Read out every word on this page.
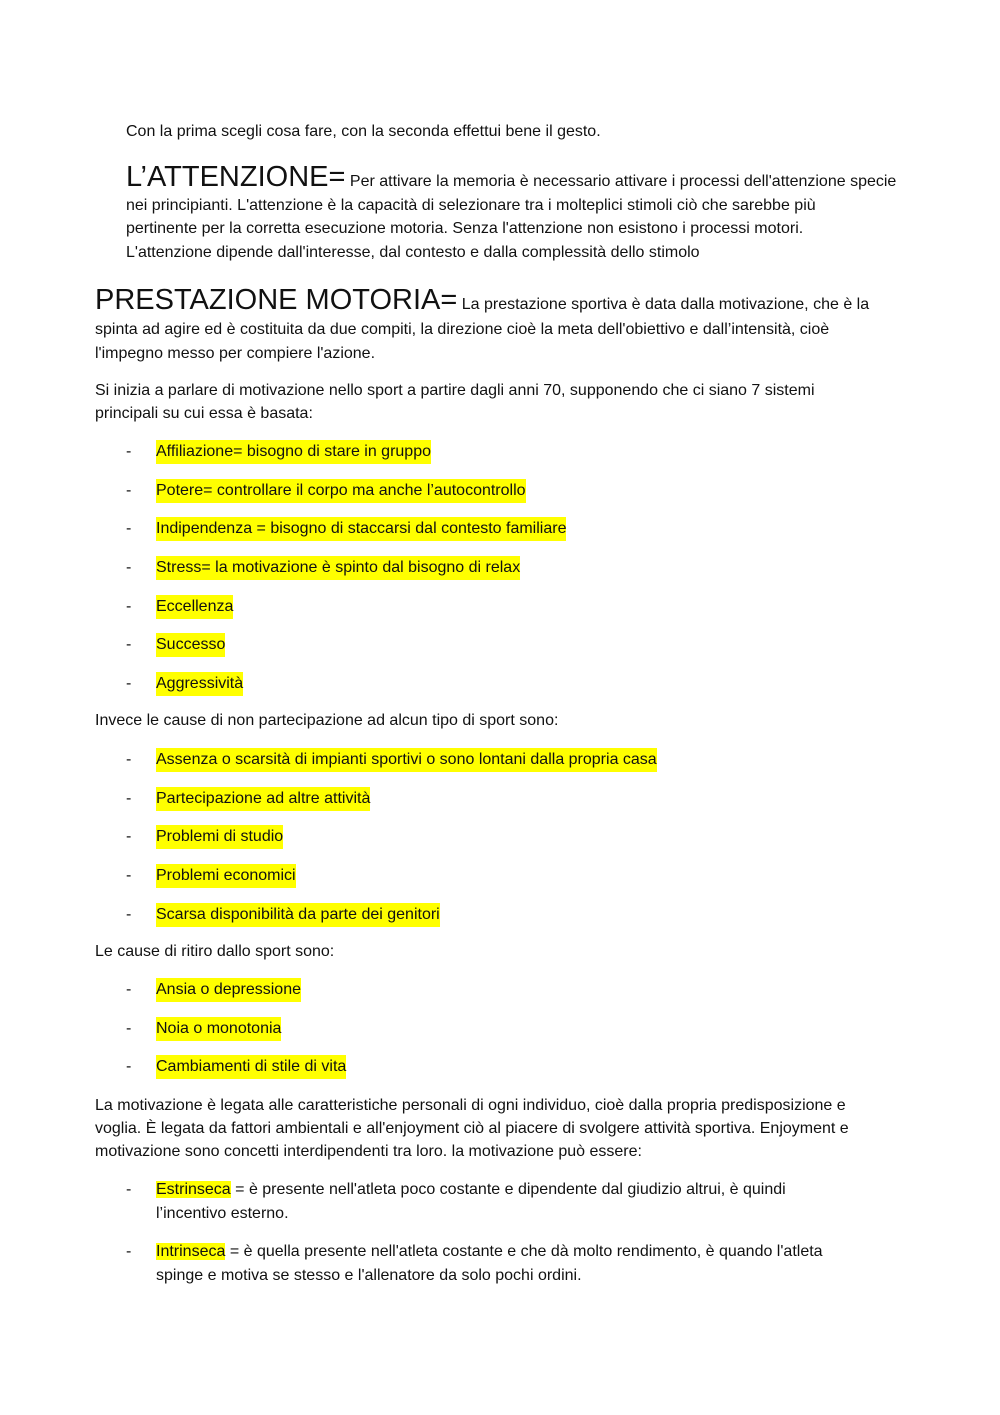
Con la prima scegli cosa fare, con la seconda effettui bene il gesto.
L’ATTENZIONE= Per attivare la memoria è necessario attivare i processi dell'attenzione specie
nei principianti. L'attenzione è la capacità di selezionare tra i molteplici stimoli ciò che sarebbe più
pertinente per la corretta esecuzione motoria. Senza l'attenzione non esistono i processi motori.
L'attenzione dipende dall'interesse, dal contesto e dalla complessità dello stimolo
PRESTAZIONE MOTORIA= La prestazione sportiva è data dalla motivazione, che è la
spinta ad agire ed è costituita da due compiti, la direzione cioè la meta dell'obiettivo e dall’intensità, cioè
l'impegno messo per compiere l'azione.
Si inizia a parlare di motivazione nello sport a partire dagli anni 70, supponendo che ci siano 7 sistemi
principali su cui essa è basata:
- Affiliazione= bisogno di stare in gruppo
- Potere= controllare il corpo ma anche l’autocontrollo
- Indipendenza = bisogno di staccarsi dal contesto familiare
- Stress= la motivazione è spinto dal bisogno di relax
- Eccellenza
- Successo
- Aggressività
Invece le cause di non partecipazione ad alcun tipo di sport sono:
- Assenza o scarsità di impianti sportivi o sono lontani dalla propria casa
- Partecipazione ad altre attività
- Problemi di studio
- Problemi economici
- Scarsa disponibilità da parte dei genitori
Le cause di ritiro dallo sport sono:
- Ansia o depressione
- Noia o monotonia
- Cambiamenti di stile di vita
La motivazione è legata alle caratteristiche personali di ogni individuo, cioè dalla propria predisposizione e
voglia. È legata da fattori ambientali e all'enjoyment ciò al piacere di svolgere attività sportiva. Enjoyment e
motivazione sono concetti interdipendenti tra loro. la motivazione può essere:
- Estrinseca = è presente nell'atleta poco costante e dipendente dal giudizio altrui, è quindi
l’incentivo esterno.
- Intrinseca = è quella presente nell'atleta costante e che dà molto rendimento, è quando l'atleta
spinge e motiva se stesso e l'allenatore da solo pochi ordini.
